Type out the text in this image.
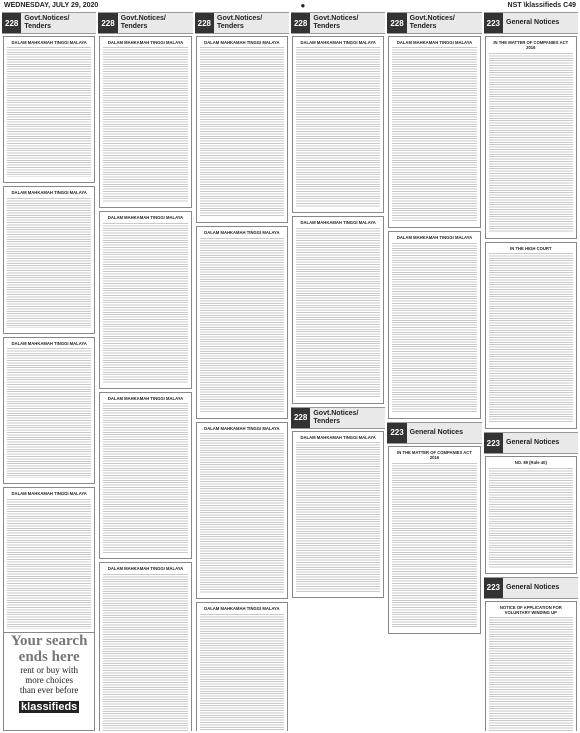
WEDNESDAY, JULY 29, 2020	●	NST \klassifieds C49
228 Govt.Notices/ Tenders
DALAM MAHKAMAH TINGGI MALAYA
DALAM MAHKAMAH TINGGI MALAYA
DALAM MAHKAMAH TINGGI MALAYA
DALAM MAHKAMAH TINGGI MALAYA
Your search
ends here
rent or buy with
more choices
than ever before
klassifieds
228 Govt.Notices/ Tenders
DALAM MAHKAMAH TINGGI MALAYA
DALAM MAHKAMAH TINGGI MALAYA
DALAM MAHKAMAH TINGGI MALAYA
DALAM MAHKAMAH TINGGI MALAYA
228 Govt.Notices/ Tenders
DALAM MAHKAMAH TINGGI MALAYA
DALAM MAHKAMAH TINGGI MALAYA
DALAM MAHKAMAH TINGGI MALAYA
DALAM MAHKAMAH TINGGI MALAYA
228 Govt.Notices/ Tenders
DALAM MAHKAMAH TINGGI MALAYA
DALAM MAHKAMAH TINGGI MALAYA
228 Govt.Notices/ Tenders
DALAM MAHKAMAH TINGGI MALAYA
228 Govt.Notices/ Tenders
DALAM MAHKAMAH TINGGI MALAYA
DALAM MAHKAMAH TINGGI MALAYA
223 General Notices
IN THE MATTER OF COMPANIES ACT 2016
223 General Notices
IN THE MATTER OF COMPANIES ACT 2016
IN THE HIGH COURT
223 General Notices
NO. 89 (Rule 40)
223 General Notices
NOTICE OF APPLICATION FOR VOLUNTARY WINDING UP
